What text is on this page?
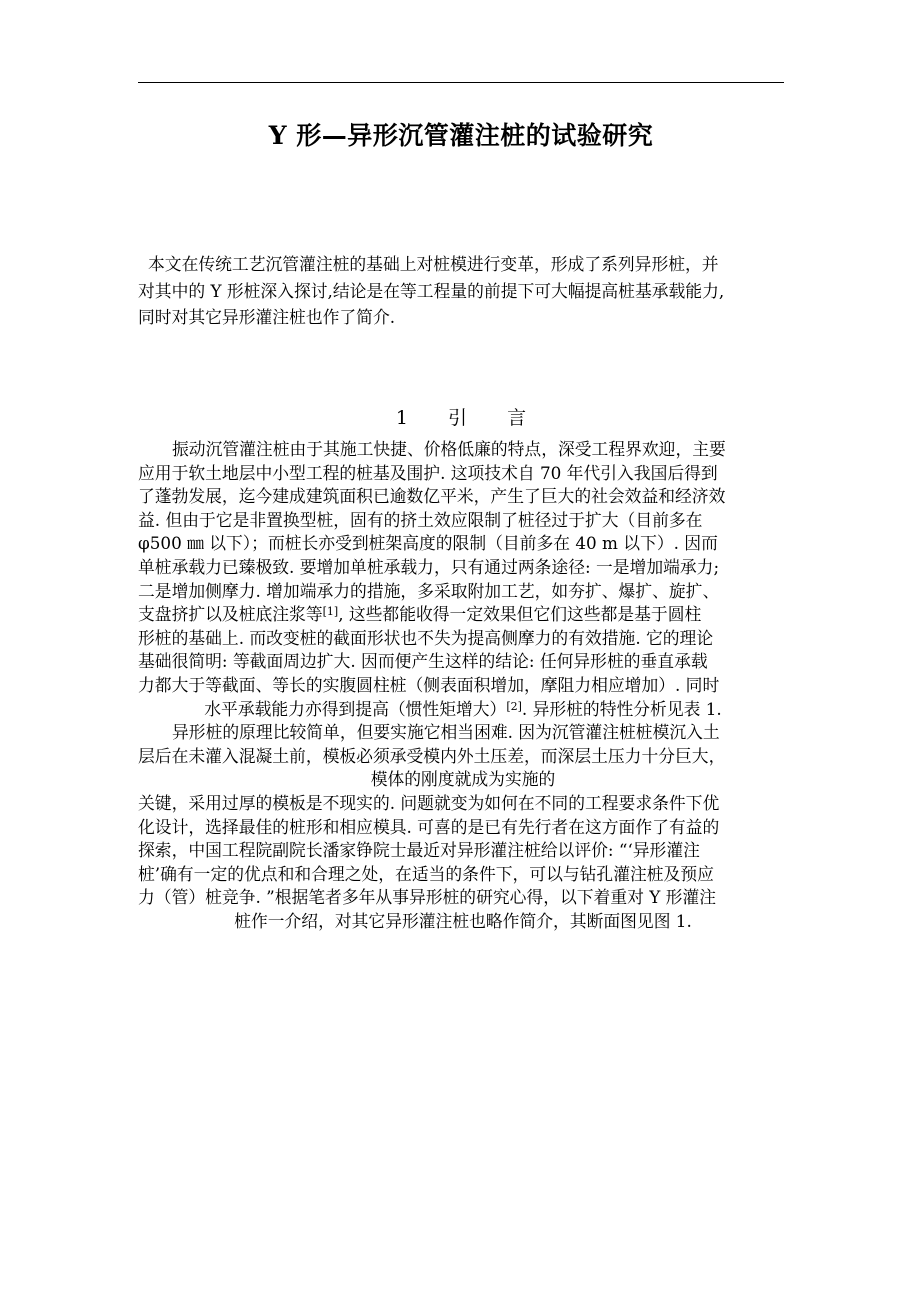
Y 形—异形沉管灌注桩的试验研究
本文在传统工艺沉管灌注桩的基础上对桩模进行变革，形成了系列异形桩，并
对其中的 Y 形桩深入探讨,结论是在等工程量的前提下可大幅提高桩基承载能力,
同时对其它异形灌注桩也作了简介.
1  引  言
振动沉管灌注桩由于其施工快捷、价格低廉的特点，深受工程界欢迎，主要
应用于软土地层中小型工程的桩基及围护. 这项技术自 70 年代引入我国后得到
了蓬勃发展，迄今建成建筑面积已逾数亿平米，产生了巨大的社会效益和经济效
益. 但由于它是非置换型桩，固有的挤土效应限制了桩径过于扩大（目前多在
φ500 ㎜ 以下）；而桩长亦受到桩架高度的限制（目前多在 40 m 以下）. 因而
单桩承载力已臻极致. 要增加单桩承载力，只有通过两条途径: 一是增加端承力;
二是增加侧摩力. 增加端承力的措施，多采取附加工艺，如夯扩、爆扩、旋扩、
支盘挤扩以及桩底注浆等[1], 这些都能收得一定效果但它们这些都是基于圆柱
形桩的基础上. 而改变桩的截面形状也不失为提高侧摩力的有效措施. 它的理论
基础很简明: 等截面周边扩大. 因而便产生这样的结论: 任何异形桩的垂直承载
力都大于等截面、等长的实腹圆柱桩（侧表面积增加，摩阻力相应增加）. 同时
水平承载能力亦得到提高（惯性矩增大）[2]. 异形桩的特性分析见表 1.
异形桩的原理比较简单，但要实施它相当困难. 因为沉管灌注桩桩模沉入土
层后在未灌入混凝土前，模板必须承受模内外土压差，而深层土压力十分巨大，
模体的刚度就成为实施的
关键，采用过厚的模板是不现实的. 问题就变为如何在不同的工程要求条件下优
化设计，选择最佳的桩形和相应模具. 可喜的是已有先行者在这方面作了有益的
探索，中国工程院副院长潘家铮院士最近对异形灌注桩给以评价: “‘异形灌注
桩’确有一定的优点和和合理之处，在适当的条件下，可以与钻孔灌注桩及预应
力（管）桩竞争. ”根据笔者多年从事异形桩的研究心得，以下着重对 Y 形灌注
桩作一介绍，对其它异形灌注桩也略作简介，其断面图见图 1.
